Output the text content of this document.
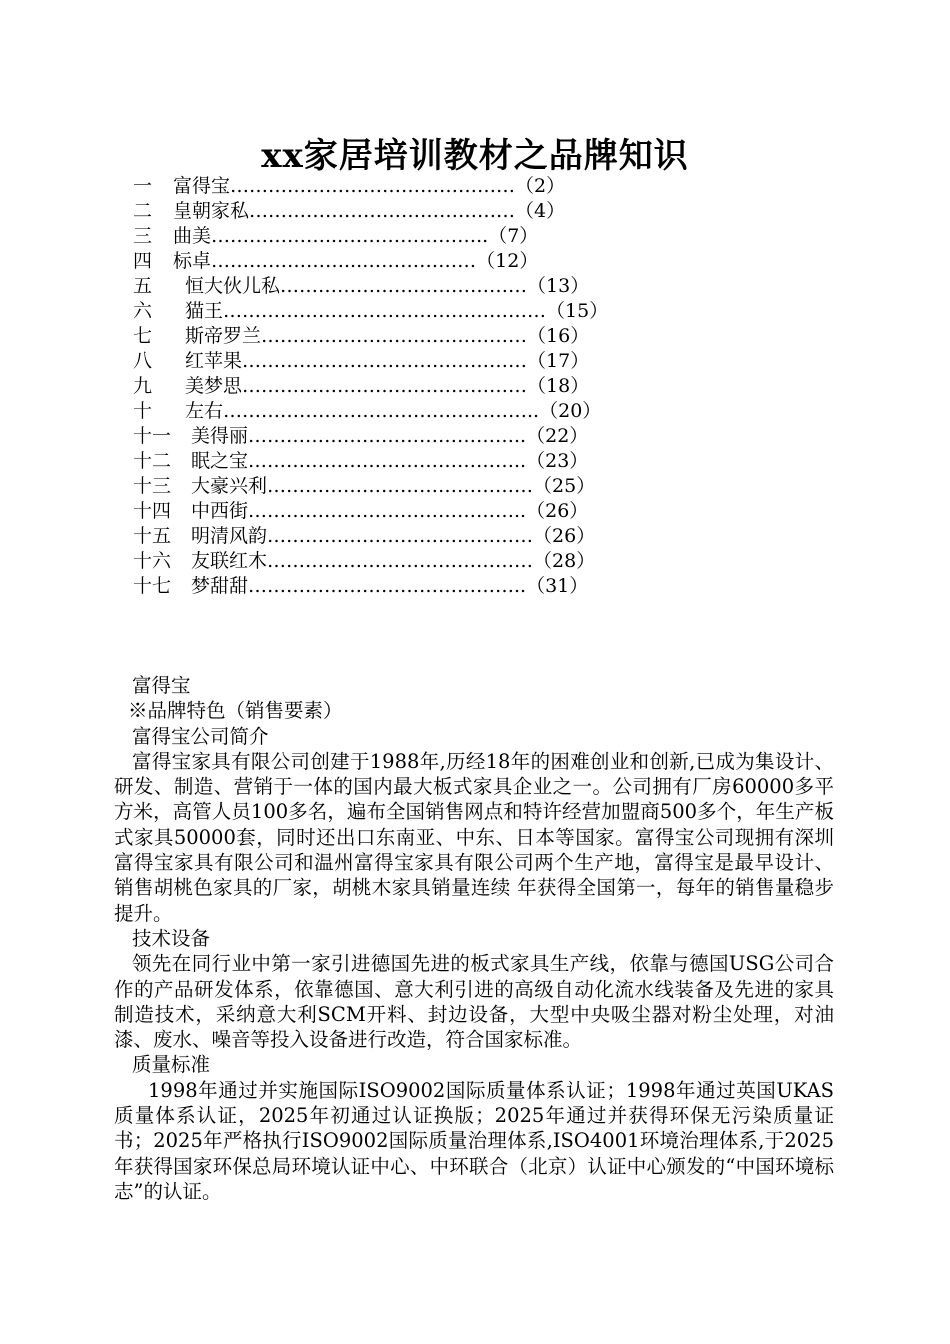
xx家居培训教材之品牌知识
一 富得宝………………………………………（2）
二 皇朝家私……………………………………（4）
三 曲美………………...…………………..（7）
四 标卓…………………...………………（12）
五 恒大伙儿私…………………………………（13）
六 猫王……………………………………………（15）
七 斯帝罗兰……………………………………（16）
八 红苹果………………………………………（17）
九 美梦思………………………………………（18）
十 左右…………………………………………..（20）
十一 美得丽……………………………………..（22）
十二 眠之宝……………………………………..（23）
十三 大豪兴利……………………………………（25）
十四 中西街……………………………………..（26）
十五 明清风韵……………………………………（26）
十六 友联红木……………………………………（28）
十七 梦甜甜……………………………………..（31）
富得宝
※品牌特色（销售要素）
富得宝公司简介
富得宝家具有限公司创建于1988年,历经18年的困难创业和创新,已成为集设计、研发、制造、营销于一体的国内最大板式家具企业之一。公司拥有厂房60000多平方米，高管人员100多名，遍布全国销售网点和特许经营加盟商500多个，年生产板式家具50000套，同时还出口东南亚、中东、日本等国家。富得宝公司现拥有深圳富得宝家具有限公司和温州富得宝家具有限公司两个生产地，富得宝是最早设计、销售胡桃色家具的厂家，胡桃木家具销量连续 年获得全国第一，每年的销售量稳步提升。
技术设备
领先在同行业中第一家引进德国先进的板式家具生产线，依靠与德国USG公司合作的产品研发体系，依靠德国、意大利引进的高级自动化流水线装备及先进的家具制造技术，采纳意大利SCM开料、封边设备，大型中央吸尘器对粉尘处理，对油漆、废水、噪音等投入设备进行改造，符合国家标准。
质量标准
1998年通过并实施国际ISO9002国际质量体系认证；1998年通过英国UKAS质量体系认证，2025年初通过认证换版；2025年通过并获得环保无污染质量证书；2025年严格执行ISO9002国际质量治理体系,ISO4001环境治理体系,于2025年获得国家环保总局环境认证中心、中环联合（北京）认证中心颁发的“中国环境标志”的认证。
